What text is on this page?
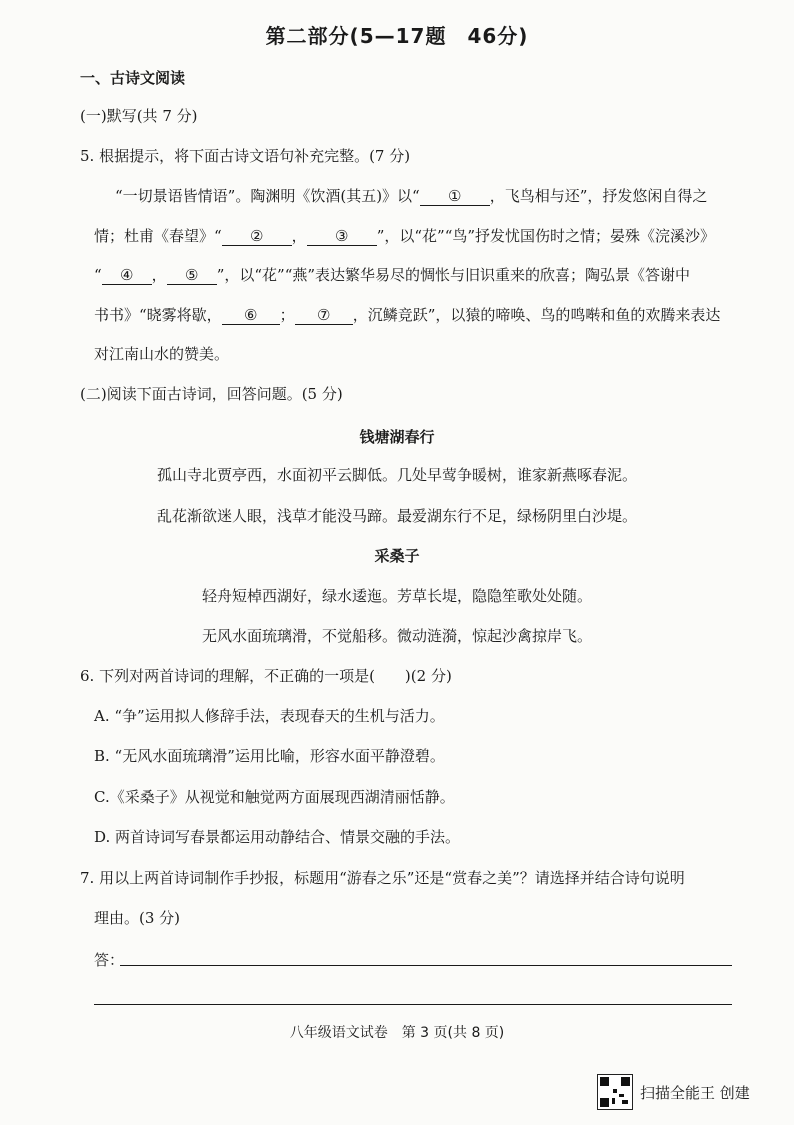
第二部分(5—17题　46分)
一、古诗文阅读
(一)默写(共 7 分)
5. 根据提示，将下面古诗文语句补充完整。(7 分)
“一切景语皆情语”。陶渊明《饮酒(其五)》以“ ① ，飞鸟相与还”，抒发悠闲自得之
情；杜甫《春望》“ ② ， ③ ”，以“花”“鸟”抒发忧国伤时之情；晏殊《浣溪沙》
“ ④ ， ⑤ ”，以“花”“燕”表达繁华易尽的惆怅与旧识重来的欣喜；陶弘景《答谢中
书书》“晓雾将歇， ⑥ ； ⑦ ，沉鳞竞跃”，以猿的啼唤、鸟的鸣啭和鱼的欢腾来表达
对江南山水的赞美。
(二)阅读下面古诗词，回答问题。(5 分)
钱塘湖春行
孤山寺北贾亭西，水面初平云脚低。几处早莺争暖树，谁家新燕啄春泥。
乱花渐欲迷人眼，浅草才能没马蹄。最爱湖东行不足，绿杨阴里白沙堤。
采桑子
轻舟短棹西湖好，绿水逶迤。芳草长堤，隐隐笙歌处处随。
无风水面琉璃滑，不觉船移。微动涟漪，惊起沙禽掠岸飞。
6. 下列对两首诗词的理解，不正确的一项是(　　)(2 分)
A. “争”运用拟人修辞手法，表现春天的生机与活力。
B. “无风水面琉璃滑”运用比喻，形容水面平静澄碧。
C.《采桑子》从视觉和触觉两方面展现西湖清丽恬静。
D. 两首诗词写春景都运用动静结合、情景交融的手法。
7. 用以上两首诗词制作手抄报，标题用“游春之乐”还是“赏春之美”？请选择并结合诗句说明
理由。(3 分)
答：
八年级语文试卷　第 3 页(共 8 页)
扫描全能王 创建
